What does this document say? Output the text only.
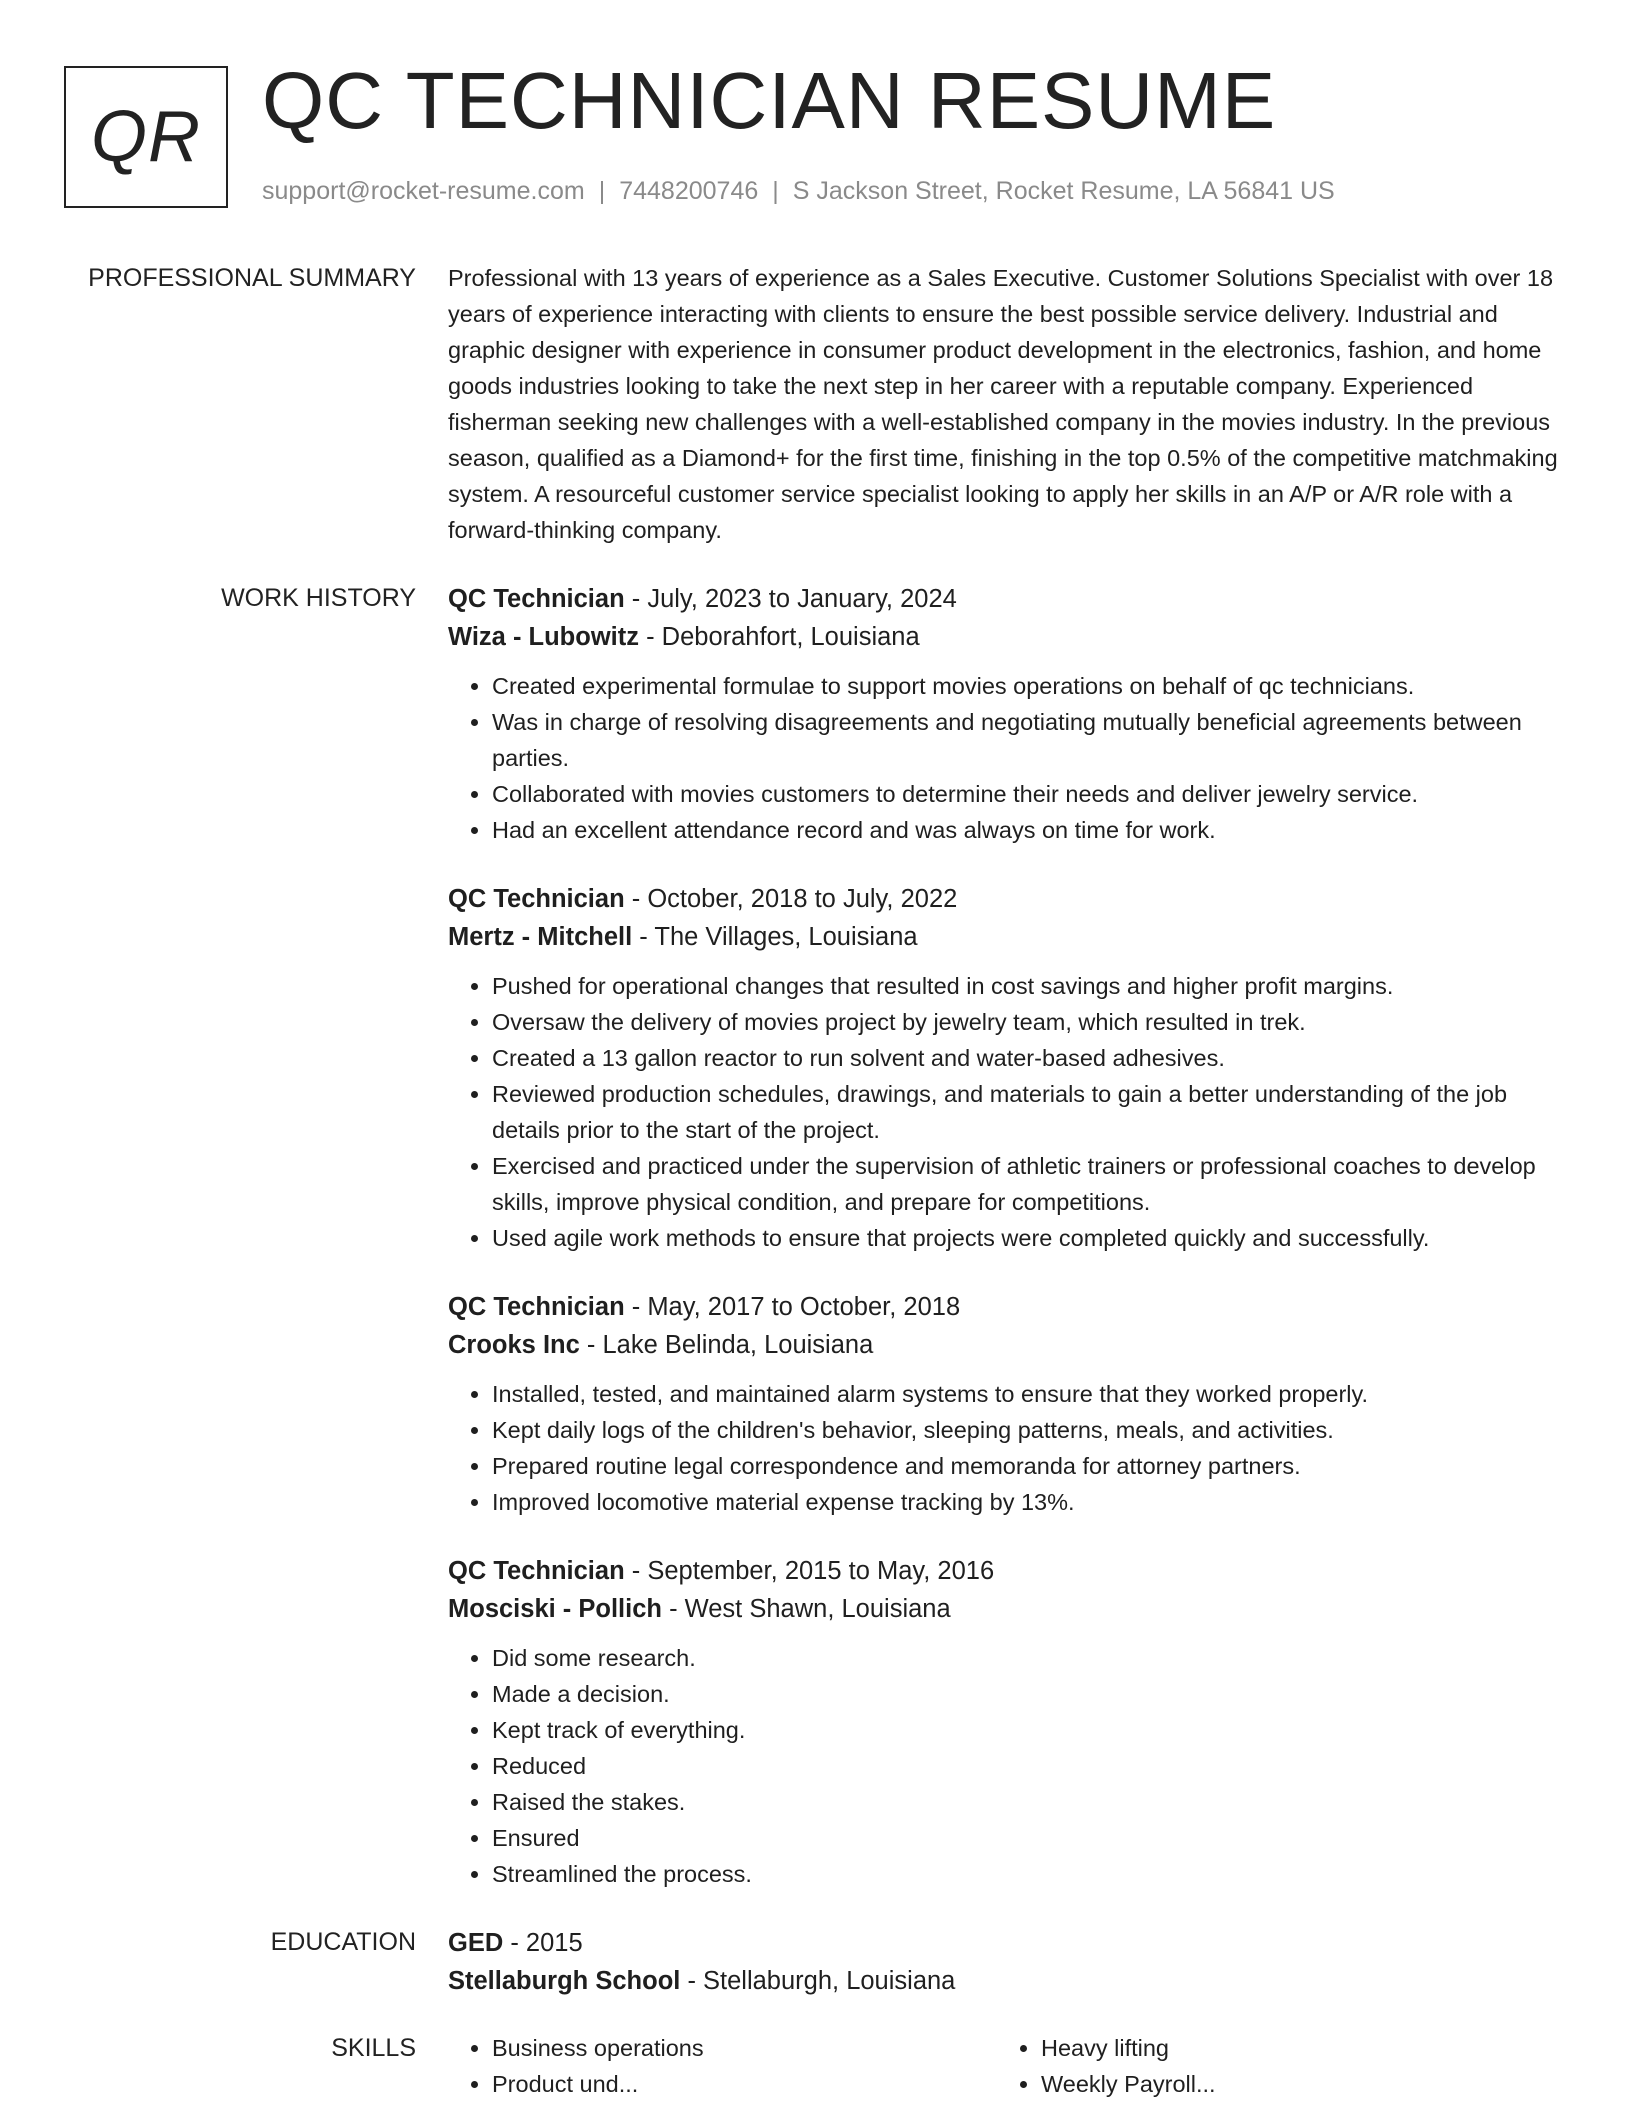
QR QC TECHNICIAN RESUME
support@rocket-resume.com | 7448200746 | S Jackson Street, Rocket Resume, LA 56841 US
PROFESSIONAL SUMMARY Professional with 13 years of experience as a Sales Executive. Customer Solutions Specialist with over 18 years of experience interacting with clients to ensure the best possible service delivery. Industrial and graphic designer with experience in consumer product development in the electronics, fashion, and home goods industries looking to take the next step in her career with a reputable company. Experienced fisherman seeking new challenges with a well-established company in the movies industry. In the previous season, qualified as a Diamond+ for the first time, finishing in the top 0.5% of the competitive matchmaking system. A resourceful customer service specialist looking to apply her skills in an A/P or A/R role with a forward-thinking company.

WORK HISTORY QC Technician - July, 2023 to January, 2024

Wiza - Lubowitz - Deborahfort, Louisiana

• Created experimental formulae to support movies operations on behalf of qc technicians.
• Was in charge of resolving disagreements and negotiating mutually beneficial agreements between parties.
• Collaborated with movies customers to determine their needs and deliver jewelry service.
• Had an excellent attendance record and was always on time for work.

QC Technician - October, 2018 to July, 2022

Mertz - Mitchell - The Villages, Louisiana

• Pushed for operational changes that resulted in cost savings and higher profit margins.
• Oversaw the delivery of movies project by jewelry team, which resulted in trek.
• Created a 13 gallon reactor to run solvent and water-based adhesives.
• Reviewed production schedules, drawings, and materials to gain a better understanding of the job details prior to the start of the project.
• Exercised and practiced under the supervision of athletic trainers or professional coaches to develop skills, improve physical condition, and prepare for competitions.
• Used agile work methods to ensure that projects were completed quickly and successfully.

QC Technician - May, 2017 to October, 2018

Crooks Inc - Lake Belinda, Louisiana

• Installed, tested, and maintained alarm systems to ensure that they worked properly.
• Kept daily logs of the children's behavior, sleeping patterns, meals, and activities.
• Prepared routine legal correspondence and memoranda for attorney partners.
• Improved locomotive material expense tracking by 13%.

QC Technician - September, 2015 to May, 2016

Mosciski - Pollich - West Shawn, Louisiana

• Did some research.
• Made a decision.
• Kept track of everything.
• Reduced
• Raised the stakes.
• Ensured
• Streamlined the process.
EDUCATION GED - 2015

Stellaburgh School - Stellaburgh, Louisiana

SKILLS
•	Business operations
• Product und...
• Heavy lifting
• Weekly Payroll...
